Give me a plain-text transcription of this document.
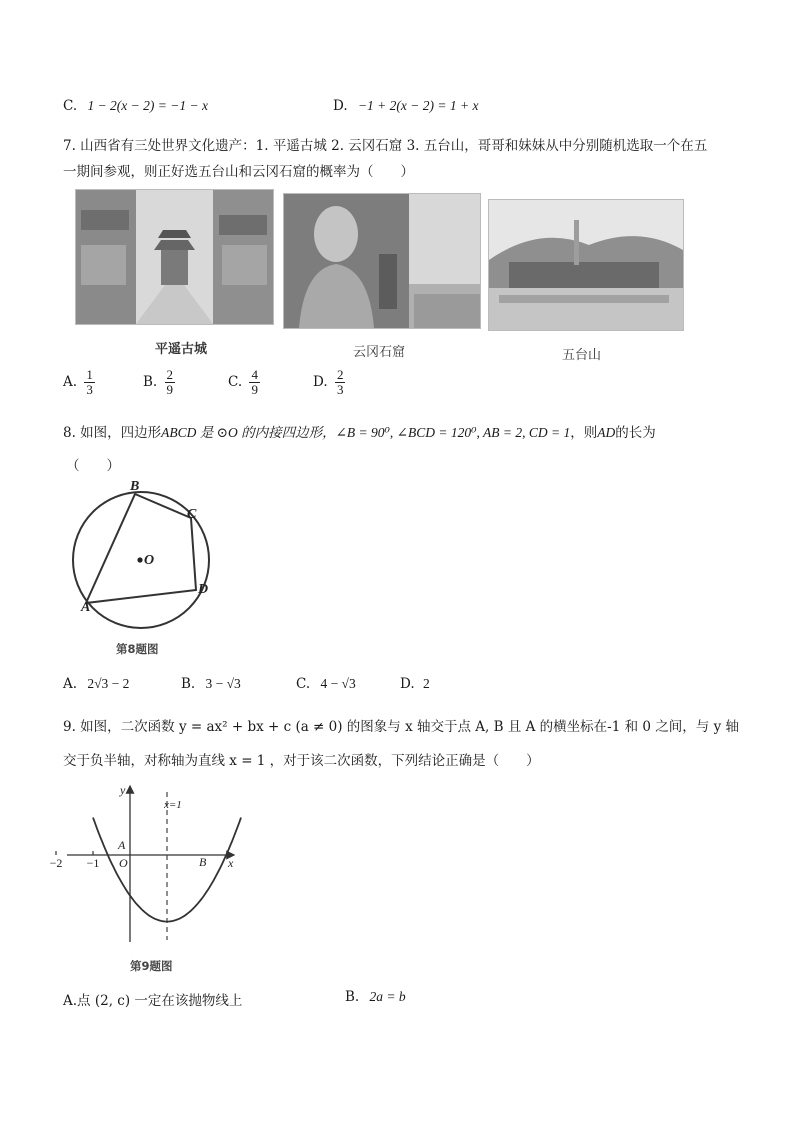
C. 1 − 2(x − 2) = −1 − x	D. −1 + 2(x − 2) = 1 + x
7. 山西省有三处世界文化遗产：1. 平遥古城 2. 云冈石窟 3. 五台山，哥哥和妹妹从中分别随机选取一个在五
一期间参观，则正好选五台山和云冈石窟的概率为（　　）
平遥古城	云冈石窟	五台山
A. $\frac{1}{3}$	B. $\frac{2}{9}$	C. $\frac{4}{9}$	D. $\frac{2}{3}$
8. 如图，四边形ABCD 是 ⊙O 的内接四边形，∠B = 90⁰, ∠BCD = 120⁰, AB = 2, CD = 1，则AD的长为
（　　）
B
C
D
A
O
第8题图
A. 2√3 − 2	B. 3 − √3	C. 4 − √3	D. 2
9. 如图，二次函数 y = ax² + bx + c (a ≠ 0) 的图象与 x 轴交于点 A, B 且 A 的横坐标在-1 和 0 之间，与 y 轴
交于负半轴，对称轴为直线 x = 1 ，对于该二次函数，下列结论正确是（　　）
y
x
x=1
A
B
O
−2 −1
第9题图
A.点 (2, c) 一定在该抛物线上	B. 2a = b
